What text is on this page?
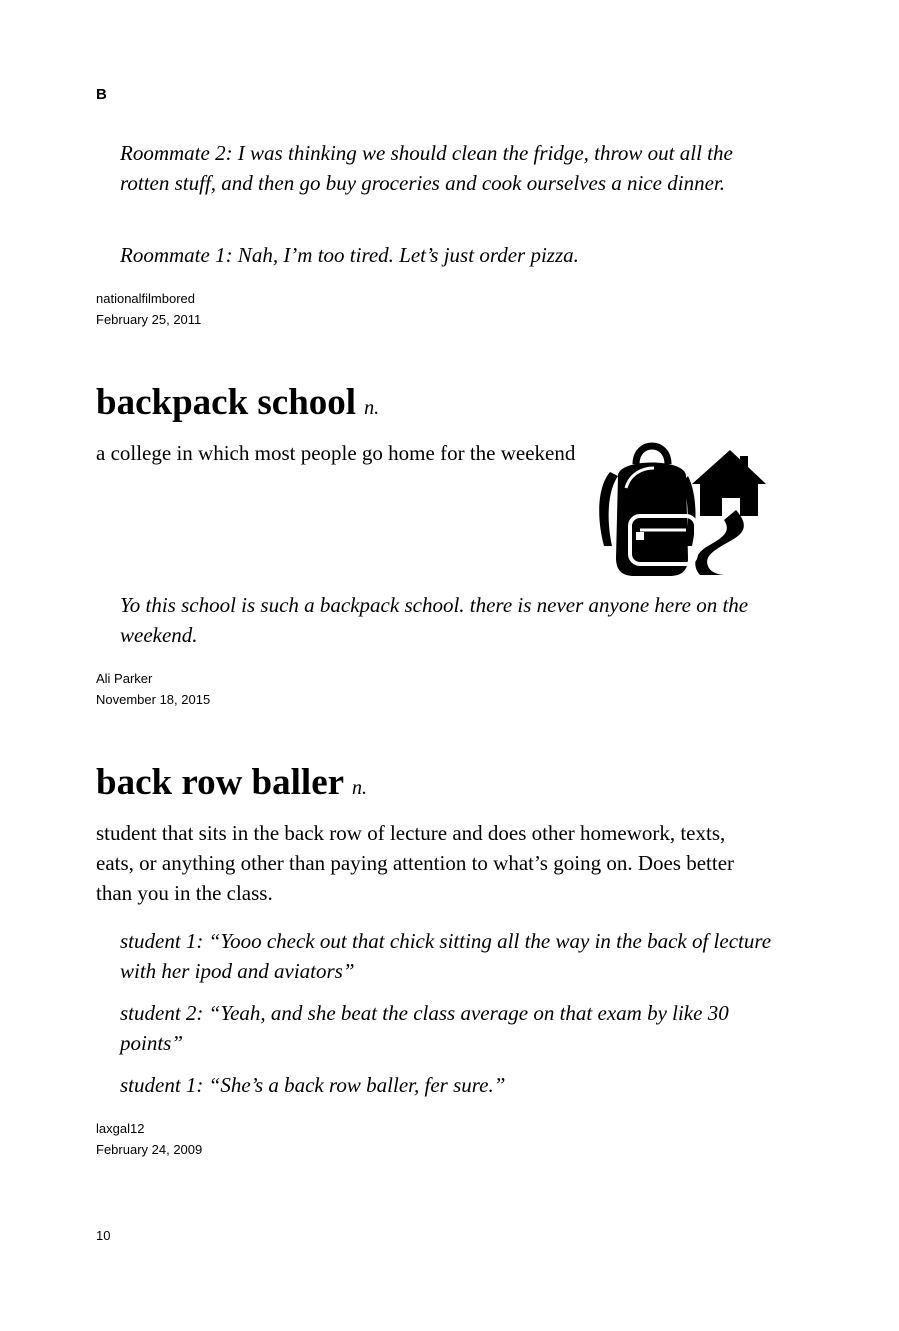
B

Roommate 2: I was thinking we should clean the fridge, throw out all the rotten stuff, and then go buy groceries and cook ourselves a nice dinner.

Roommate 1: Nah, I’m too tired. Let’s just order pizza.

nationalfilmbored
February 25, 2011
backpack school n.

a college in which most people go home for the weekend

Yo this school is such a backpack school. there is never anyone here on the weekend.

Ali Parker
November 18, 2015
back row baller n.

student that sits in the back row of lecture and does other homework, texts, eats, or anything other than paying attention to what’s going on. Does better than you in the class.

student 1: “Yooo check out that chick sitting all the way in the back of lecture with her ipod and aviators”

student 2: “Yeah, and she beat the class average on that exam by like 30 points”

student 1: “She’s a back row baller, fer sure.”

laxgal12
February 24, 2009
10
